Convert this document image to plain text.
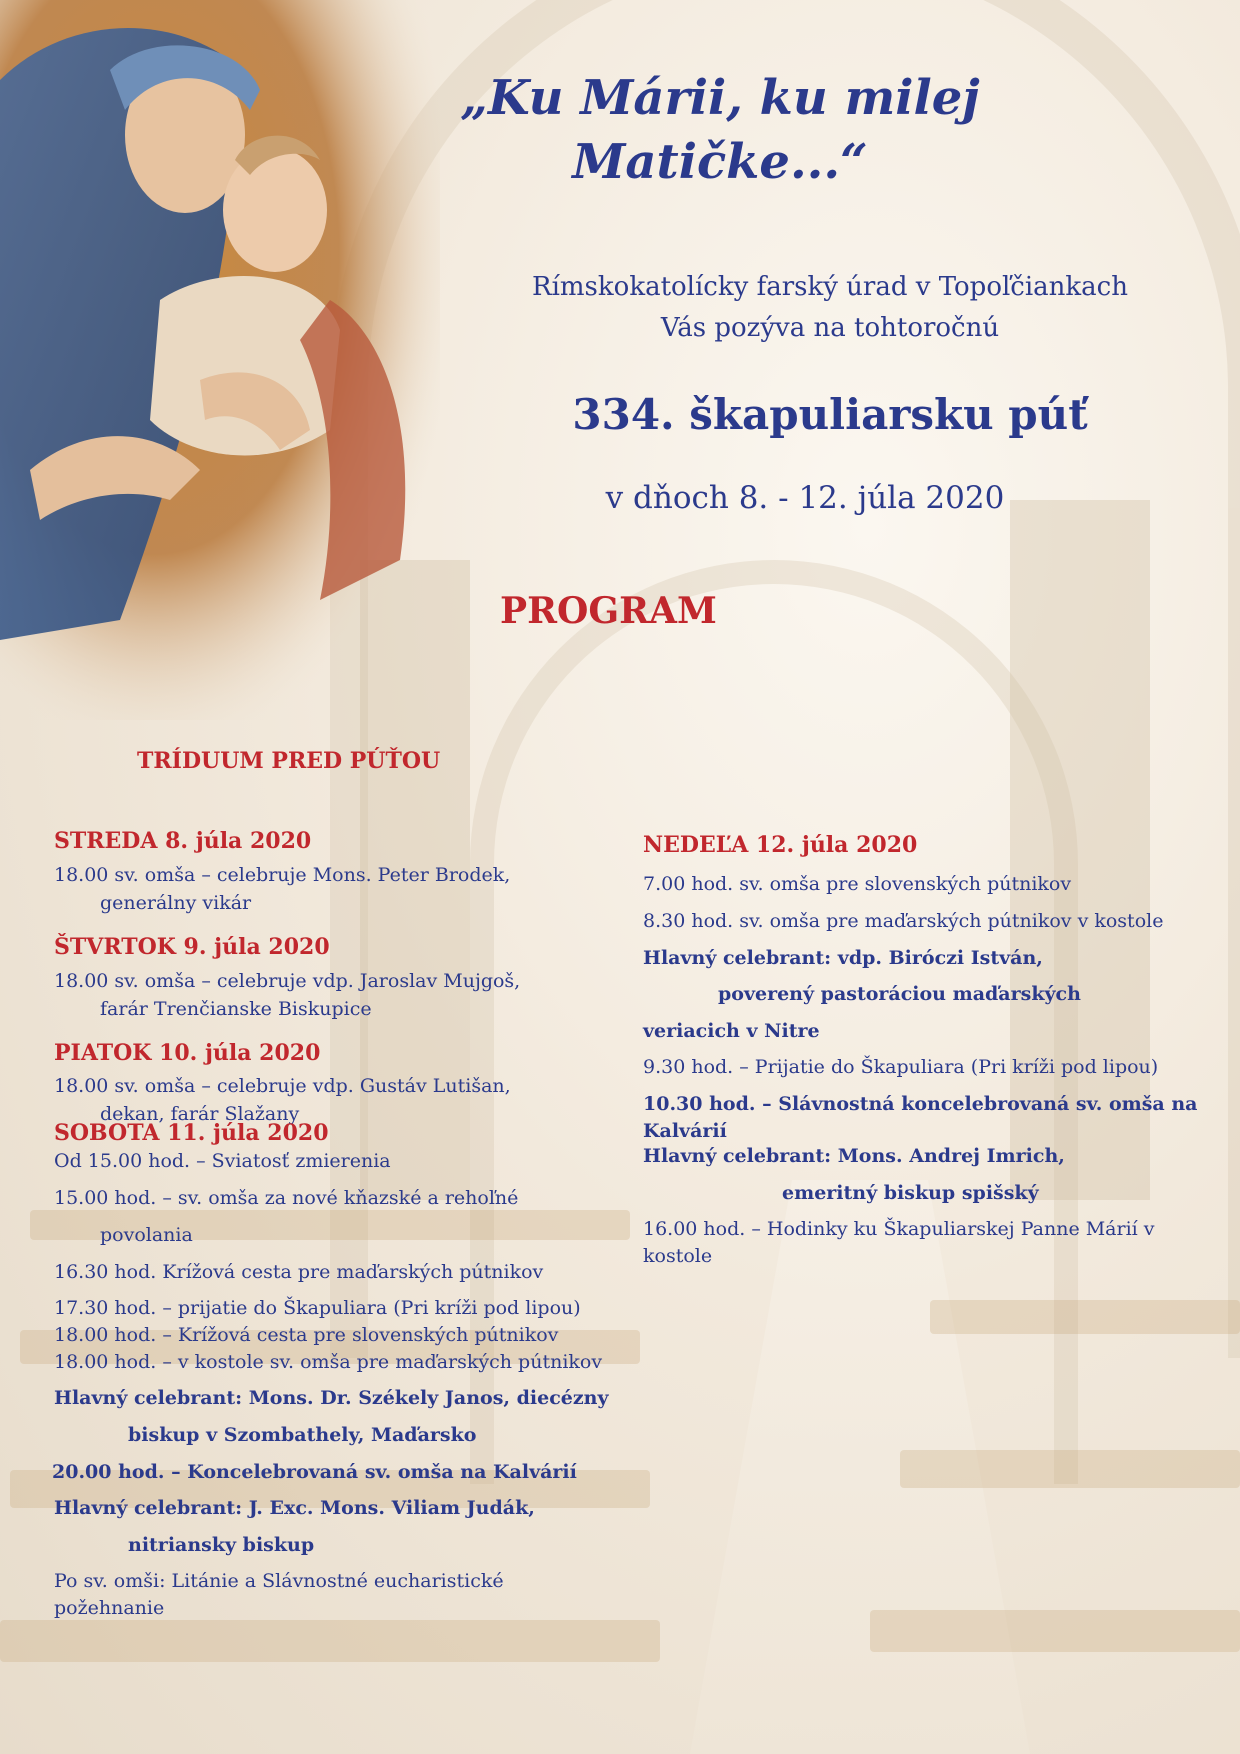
„Ku Márii, ku milej
Matičke...“
Rímskokatolícky farský úrad v Topoľčiankach
Vás pozýva na tohtoročnú
334. škapuliarsku púť
v dňoch 8. - 12. júla 2020
PROGRAM
TRÍDUUM PRED PÚŤOU
STREDA 8. júla 2020
18.00 sv. omša – celebruje Mons. Peter Brodek,
generálny vikár
ŠTVRTOK 9. júla 2020
18.00 sv. omša – celebruje vdp. Jaroslav Mujgoš,
farár Trenčianske Biskupice
PIATOK 10. júla 2020
18.00 sv. omša – celebruje vdp. Gustáv Lutišan,
dekan, farár Slažany
SOBOTA 11. júla 2020
Od 15.00 hod. – Sviatosť zmierenia
15.00 hod. – sv. omša za nové kňazské a rehoľné
povolania
16.30 hod. Krížová cesta pre maďarských pútnikov
17.30 hod. – prijatie do Škapuliara (Pri kríži pod lipou)
18.00 hod. – Krížová cesta pre slovenských pútnikov
18.00 hod. – v kostole sv. omša pre maďarských pútnikov
Hlavný celebrant: Mons. Dr. Székely Janos, diecézny
biskup v Szombathely, Maďarsko
20.00 hod. – Koncelebrovaná sv. omša na Kalvárií
Hlavný celebrant: J. Exc. Mons. Viliam Judák,
nitriansky biskup
Po sv. omši: Litánie a Slávnostné eucharistické
požehnanie
NEDEĽA 12. júla 2020
7.00 hod. sv. omša pre slovenských pútnikov
8.30 hod. sv. omša pre maďarských pútnikov v kostole
Hlavný celebrant: vdp. Biróczi István,
poverený pastoráciou maďarských
veriacich v Nitre
9.30 hod. – Prijatie do Škapuliara (Pri kríži pod lipou)
10.30 hod. – Slávnostná koncelebrovaná sv. omša na
Kalvárií
Hlavný celebrant: Mons. Andrej Imrich,
emeritný biskup spišský
16.00 hod. – Hodinky ku Škapuliarskej Panne Márií v
kostole
